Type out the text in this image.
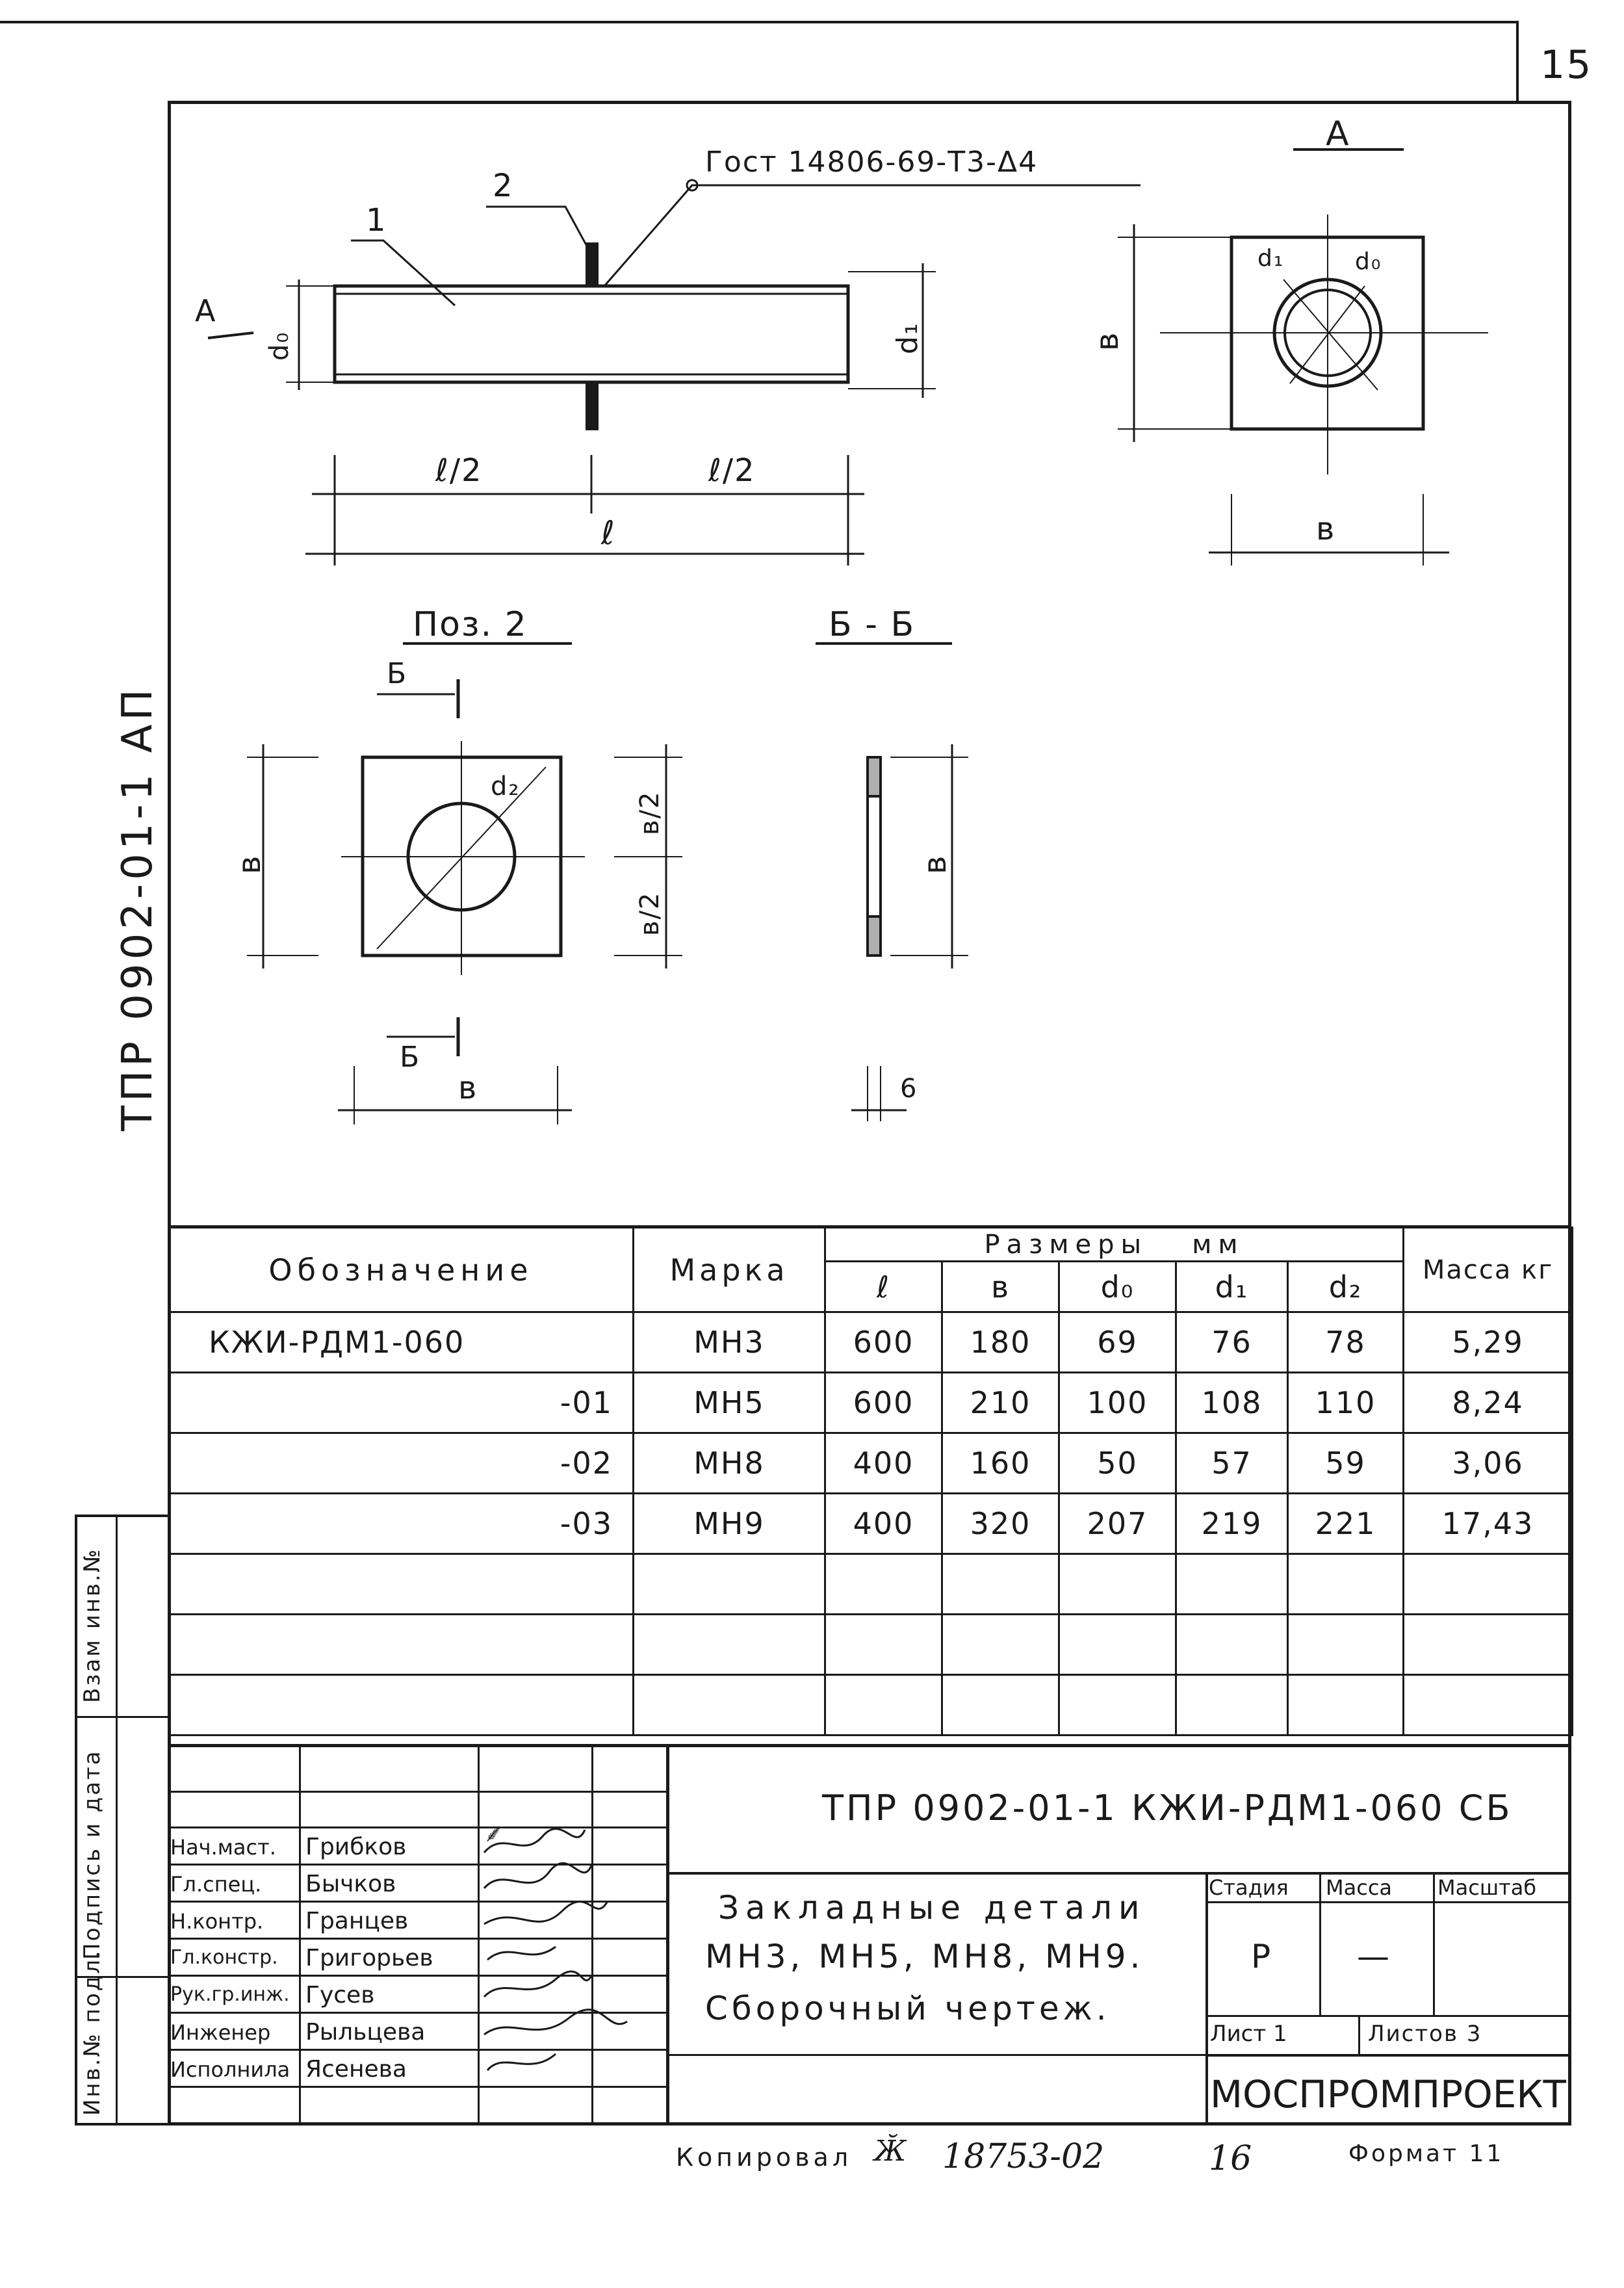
15
ТПР 0902-01-1 АП
Гост 14806-69-Т3-Δ4
2
1
А
d₀	d₁
ℓ/2	ℓ/2
ℓ
А
в
d₁	d₀
в
Поз. 2	Б - Б
Б
Б
в
d₂
в/2
в/2
в
в
6
Обозначение	Марка	Размеры   мм					Масса кг
		ℓ	в	d₀	d₁	d₂	
КЖИ-РДМ1-060	МН3	600	180	69	76	78	5,29
-01	МН5	600	210	100	108	110	8,24
-02	МН8	400	160	50	57	59	3,06
-03	МН9	400	320	207	219	221	17,43

Взам инв.№
Подпись и дата
Инв.№ подл.
Нач.маст. Грибков	⸙
Гл.спец. Бычков
Н.контр. Гранцев
Гл.констр. Григорьев
Рук.гр.инж. Гусев
Инженер Рыльцева
Исполнила Ясенева
ТПР 0902-01-1 КЖИ-РДМ1-060 СБ
Закладные детали
МН3, МН5, МН8, МН9.
Сборочный чертеж.
Стадия Масса Масштаб
Р	—
Лист 1	Листов 3
МОСПРОМПРОЕКТ
Копировал Ӂ 18753-02	16	Формат 11
